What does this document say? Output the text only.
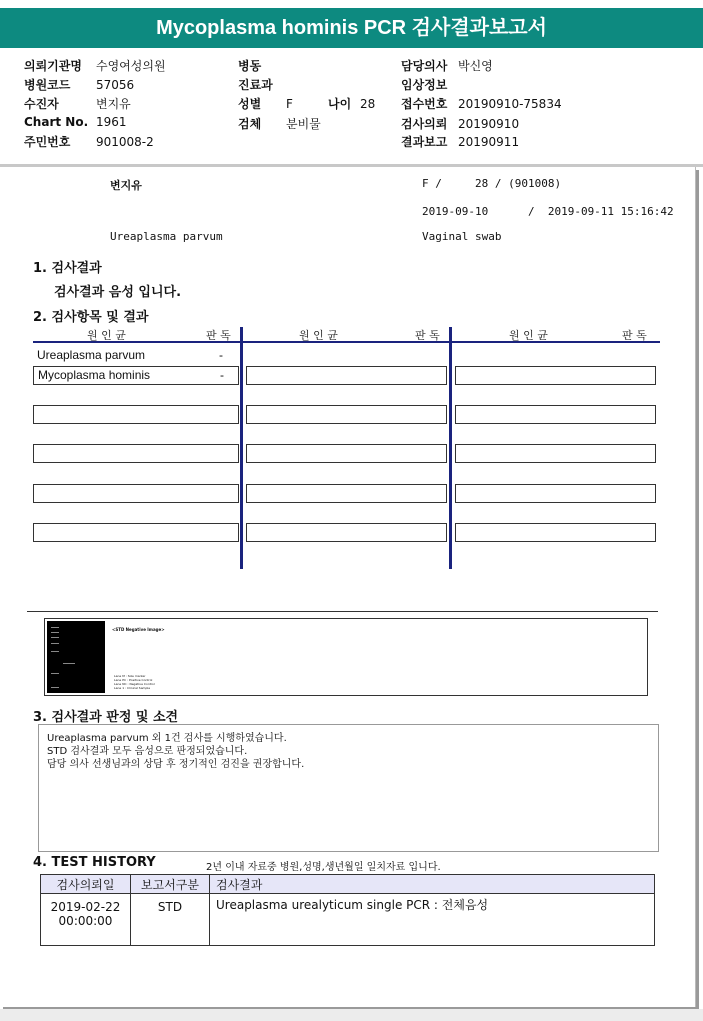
Mycoplasma hominis PCR 검사결과보고서
의뢰기관명 수영여성의원
병원코드 57056
수진자	변지유
Chart No. 1961
주민번호 901008-2
병동
진료과
성별 F	나이 28
검체 분비물
담당의사 박신영
임상정보
접수번호 20190910-75834
검사의뢰 20190910
결과보고 20190911
변지유	F /     28 / (901008)
2019-09-10      /  2019-09-11 15:16:42
Ureaplasma parvum	Vaginal swab
1. 검사결과
검사결과 음성 입니다.
2. 검사항목 및 결과
원 인 균	판 독	원 인 균	판 독	원 인 균	판 독
Ureaplasma parvum	-
Mycoplasma hominis	-
<STD Negative Image>
Lane M : Size marker
Lane PC : Positive Control
Lane NC : Negative Control
Lane 1 : Clinical Sample
3. 검사결과 판정 및 소견
Ureaplasma parvum 외 1건 검사를 시행하였습니다.
STD 검사결과 모두 음성으로 판정되었습니다.
담당 의사 선생님과의 상담 후 정기적인 검진을 권장합니다.
4. TEST HISTORY	2년 이내 자료중 병원,성명,생년월일 일치자료 입니다.
검사의뢰일	보고서구분	검사결과

2019-02-22
00:00:00	STD	Ureaplasma urealyticum single PCR : 전체음성
